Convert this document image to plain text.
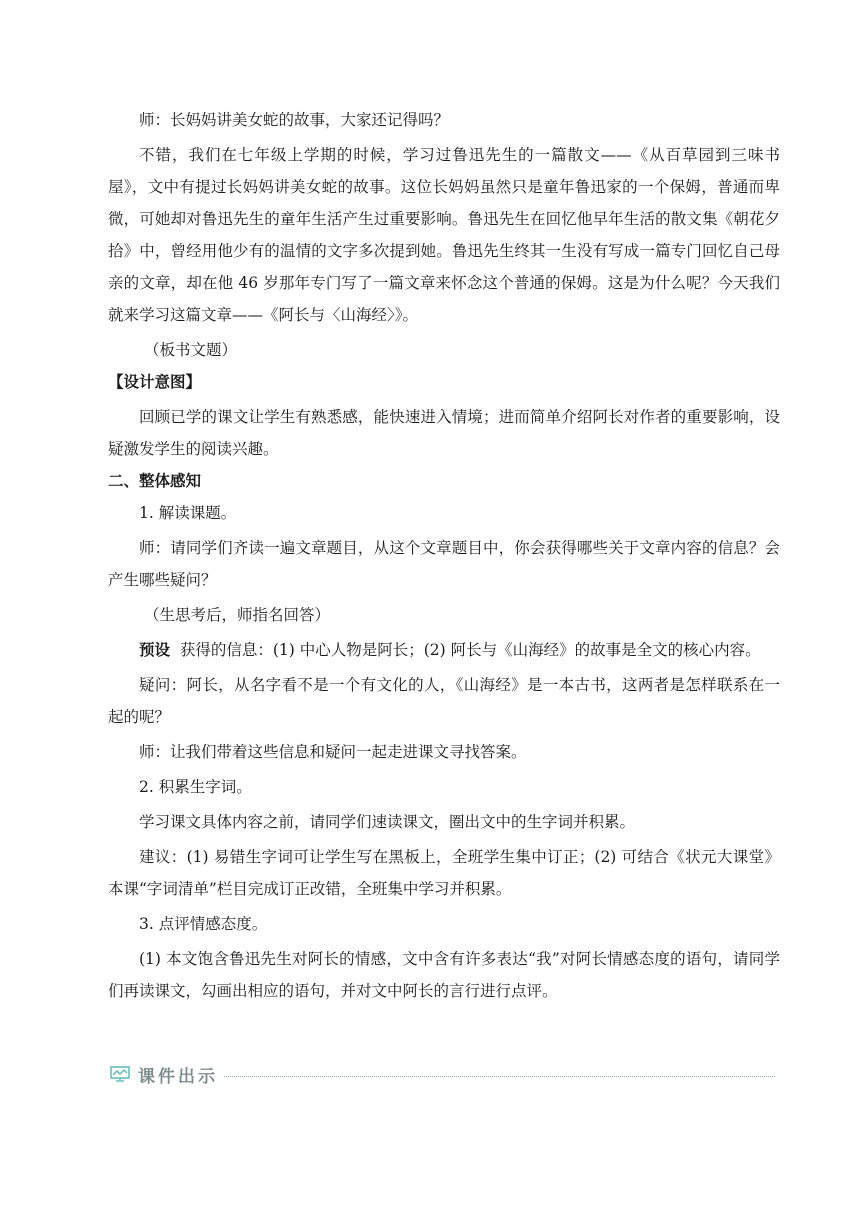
师：长妈妈讲美女蛇的故事，大家还记得吗？

不错，我们在七年级上学期的时候，学习过鲁迅先生的一篇散文——《从百草园到三味书屋》，文中有提过长妈妈讲美女蛇的故事。这位长妈妈虽然只是童年鲁迅家的一个保姆，普通而卑微，可她却对鲁迅先生的童年生活产生过重要影响。鲁迅先生在回忆他早年生活的散文集《朝花夕拾》中，曾经用他少有的温情的文字多次提到她。鲁迅先生终其一生没有写成一篇专门回忆自己母亲的文章，却在他 46 岁那年专门写了一篇文章来怀念这个普通的保姆。这是为什么呢？今天我们就来学习这篇文章——《阿长与〈山海经〉》。

（板书文题）

【设计意图】

回顾已学的课文让学生有熟悉感，能快速进入情境；进而简单介绍阿长对作者的重要影响，设疑激发学生的阅读兴趣。

二、整体感知

1. 解读课题。

师：请同学们齐读一遍文章题目，从这个文章题目中，你会获得哪些关于文章内容的信息？会产生哪些疑问？

（生思考后，师指名回答）

预设 获得的信息：(1) 中心人物是阿长；(2) 阿长与《山海经》的故事是全文的核心内容。

疑问：阿长，从名字看不是一个有文化的人，《山海经》是一本古书，这两者是怎样联系在一起的呢？

师：让我们带着这些信息和疑问一起走进课文寻找答案。

2. 积累生字词。

学习课文具体内容之前，请同学们速读课文，圈出文中的生字词并积累。

建议：(1) 易错生字词可让学生写在黑板上，全班学生集中订正；(2) 可结合《状元大课堂》本课“字词清单”栏目完成订正改错，全班集中学习并积累。

3. 点评情感态度。

(1) 本文饱含鲁迅先生对阿长的情感，文中含有许多表达“我”对阿长情感态度的语句，请同学们再读课文，勾画出相应的语句，并对文中阿长的言行进行点评。

课件出示
